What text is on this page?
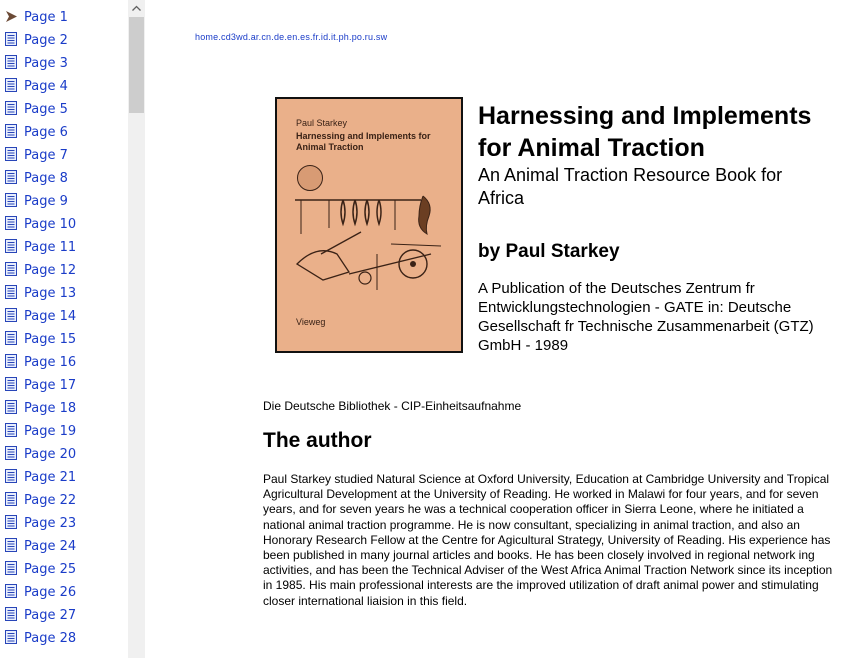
Page 1
Page 2
Page 3
Page 4
Page 5
Page 6
Page 7
Page 8
Page 9
Page 10
Page 11
Page 12
Page 13
Page 14
Page 15
Page 16
Page 17
Page 18
Page 19
Page 20
Page 21
Page 22
Page 23
Page 24
Page 25
Page 26
Page 27
Page 28
home.cd3wd.ar.cn.de.en.es.fr.id.it.ph.po.ru.sw
Paul Starkey
Harnessing and Implements for Animal Traction
Vieweg
Harnessing and Implements for Animal Traction
An Animal Traction Resource Book for Africa
by Paul Starkey
A Publication of the Deutsches Zentrum fr Entwicklungstechnologien - GATE in: Deutsche Gesellschaft fr Technische Zusammenarbeit (GTZ) GmbH - 1989
Die Deutsche Bibliothek - CIP-Einheitsaufnahme
The author
Paul Starkey studied Natural Science at Oxford University, Education at Cambridge University and Tropical Agricultural Development at the University of Reading. He worked in Malawi for four years, and for seven years, and for seven years he was a technical cooperation officer in Sierra Leone, where he initiated a national animal traction programme. He is now consultant, specializing in animal traction, and also an Honorary Research Fellow at the Centre for Agicultural Strategy, University of Reading. His experience has been published in many journal articles and books. He has been closely involved in regional network ing activities, and has been the Technical Adviser of the West Africa Animal Traction Network since its inception in 1985. His main professional interests are the improved utilization of draft animal power and stimulating closer international liaision in this field.
